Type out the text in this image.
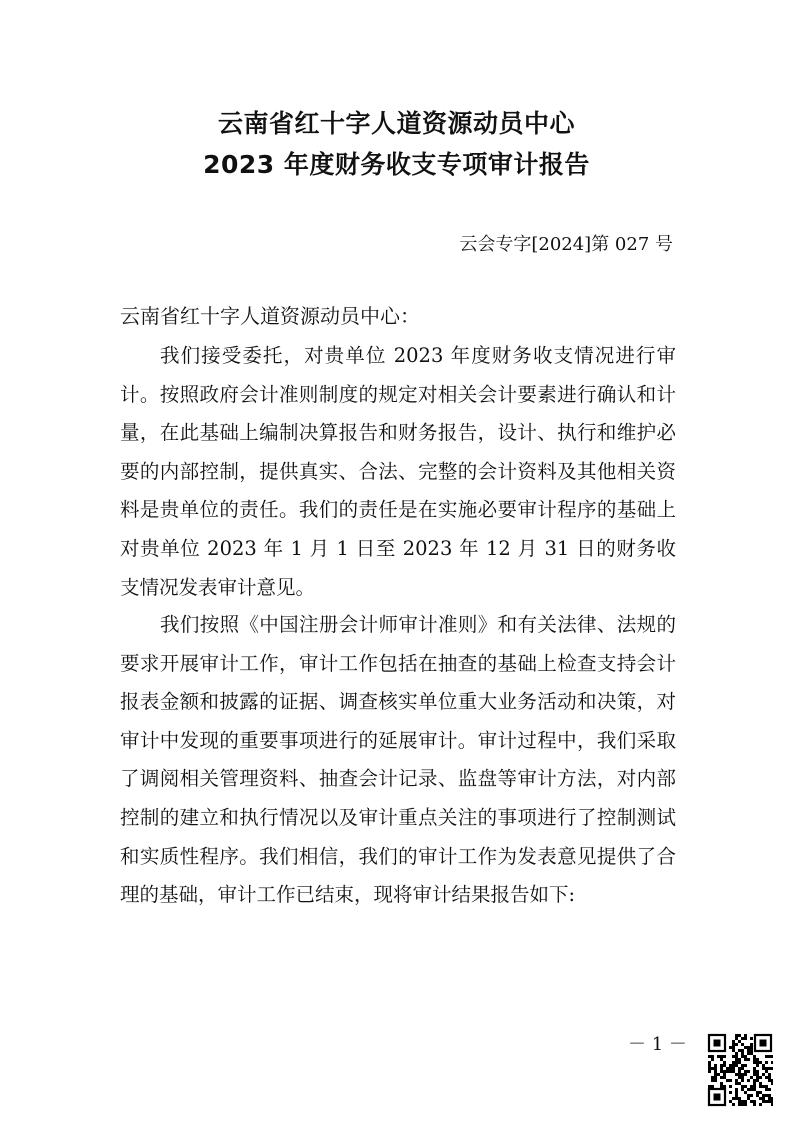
云南省红十字人道资源动员中心
2023 年度财务收支专项审计报告
云会专字[2024]第 027 号
云南省红十字人道资源动员中心：

我们接受委托，对贵单位 2023 年度财务收支情况进行审计。按照政府会计准则制度的规定对相关会计要素进行确认和计量，在此基础上编制决算报告和财务报告，设计、执行和维护必要的内部控制，提供真实、合法、完整的会计资料及其他相关资料是贵单位的责任。我们的责任是在实施必要审计程序的基础上对贵单位 2023 年 1 月 1 日至 2023 年 12 月 31 日的财务收支情况发表审计意见。

我们按照《中国注册会计师审计准则》和有关法律、法规的要求开展审计工作，审计工作包括在抽查的基础上检查支持会计报表金额和披露的证据、调查核实单位重大业务活动和决策，对审计中发现的重要事项进行的延展审计。审计过程中，我们采取了调阅相关管理资料、抽查会计记录、监盘等审计方法，对内部控制的建立和执行情况以及审计重点关注的事项进行了控制测试和实质性程序。我们相信，我们的审计工作为发表意见提供了合理的基础，审计工作已结束，现将审计结果报告如下:

－ 1 －
